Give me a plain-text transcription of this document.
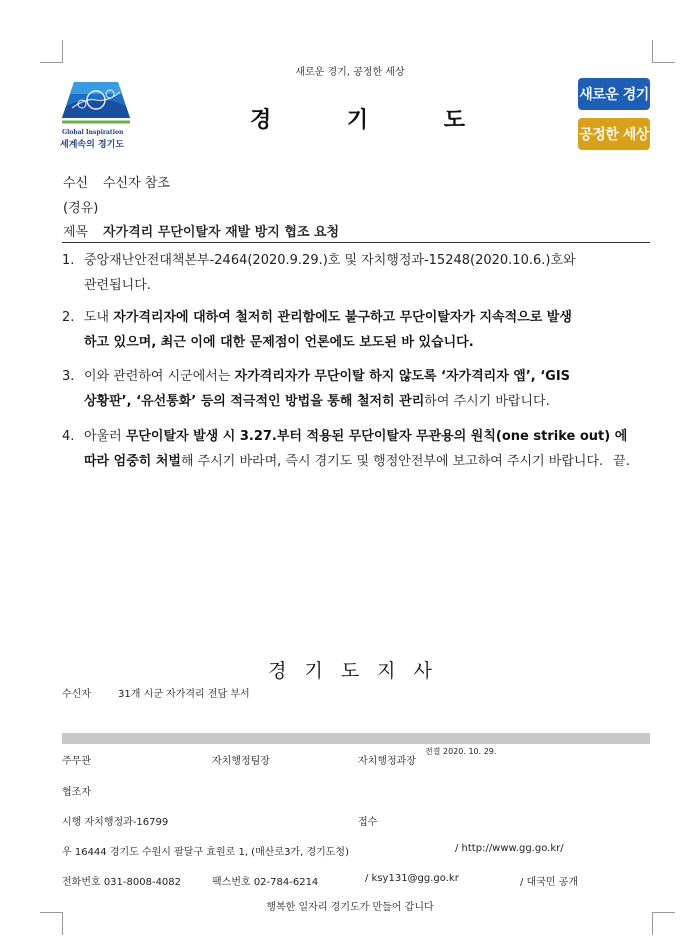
새로운 경기, 공정한 세상
Global Inspiration
세계속의 경기도
경	기	도
새로운 경기
공정한 세상
수신 수신자 참조
(경유)
제목 자가격리 무단이탈자 재발 방지 협조 요청
1. 중앙재난안전대책본부-2464(2020.9.29.)호 및 자치행정과-15248(2020.10.6.)호와
관련됩니다.
2. 도내 자가격리자에 대하여 철저히 관리함에도 불구하고 무단이탈자가 지속적으로 발생
하고 있으며, 최근 이에 대한 문제점이 언론에도 보도된 바 있습니다.
3. 이와 관련하여 시군에서는 자가격리자가 무단이탈 하지 않도록 ‘자가격리자 앱’, ‘GIS
상황판’, ‘유선통화’ 등의 적극적인 방법을 통해 철저히 관리하여 주시기 바랍니다.
4. 아울러 무단이탈자 발생 시 3.27.부터 적용된 무단이탈자 무관용의 원칙(one strike out) 에
따라 엄중히 처벌해 주시기 바라며, 즉시 경기도 및 행정안전부에 보고하여 주시기 바랍니다. 끝.
경기도지사
수신자	31개 시군 자가격리 전담 부서
주무관	자치행정팀장	자치행정과장
전결 2020. 10. 29.
협조자
시행 자치행정과-16799	접수
우 16444 경기도 수원시 팔달구 효원로 1, (매산로3가, 경기도청)	/ http://www.gg.go.kr/
전화번호 031-8008-4082	팩스번호 02-784-6214	/ ksy131@gg.go.kr	/ 대국민 공개
행복한 일자리 경기도가 만들어 갑니다
